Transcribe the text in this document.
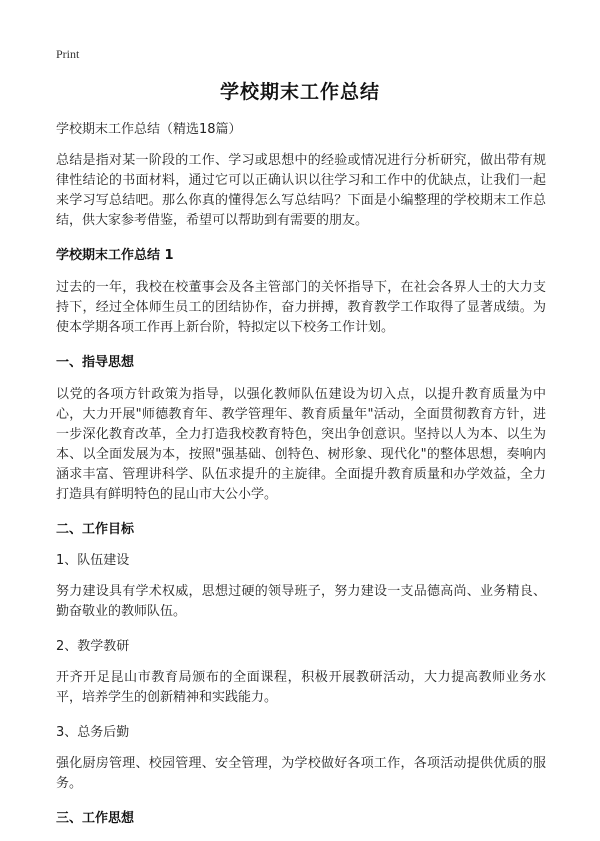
Print
学校期末工作总结

学校期末工作总结（精选18篇）

总结是指对某一阶段的工作、学习或思想中的经验或情况进行分析研究，做出带有规律性结论的书面材料，通过它可以正确认识以往学习和工作中的优缺点，让我们一起来学习写总结吧。那么你真的懂得怎么写总结吗？下面是小编整理的学校期末工作总结，供大家参考借鉴，希望可以帮助到有需要的朋友。

学校期末工作总结 1

过去的一年，我校在校董事会及各主管部门的关怀指导下，在社会各界人士的大力支持下，经过全体师生员工的团结协作，奋力拼搏，教育教学工作取得了显著成绩。为使本学期各项工作再上新台阶，特拟定以下校务工作计划。

一、指导思想

以党的各项方针政策为指导，以强化教师队伍建设为切入点，以提升教育质量为中心，大力开展"师德教育年、教学管理年、教育质量年"活动，全面贯彻教育方针，进一步深化教育改革，全力打造我校教育特色，突出争创意识。坚持以人为本、以生为本、以全面发展为本，按照"强基础、创特色、树形象、现代化"的整体思想，奏响内涵求丰富、管理讲科学、队伍求提升的主旋律。全面提升教育质量和办学效益，全力打造具有鲜明特色的昆山市大公小学。

二、工作目标

1、队伍建设

努力建设具有学术权威，思想过硬的领导班子，努力建设一支品德高尚、业务精良、勤奋敬业的教师队伍。

2、教学教研

开齐开足昆山市教育局颁布的全面课程，积极开展教研活动，大力提高教师业务水平，培养学生的创新精神和实践能力。

3、总务后勤

强化厨房管理、校园管理、安全管理，为学校做好各项工作，各项活动提供优质的服务。

三、工作思想
